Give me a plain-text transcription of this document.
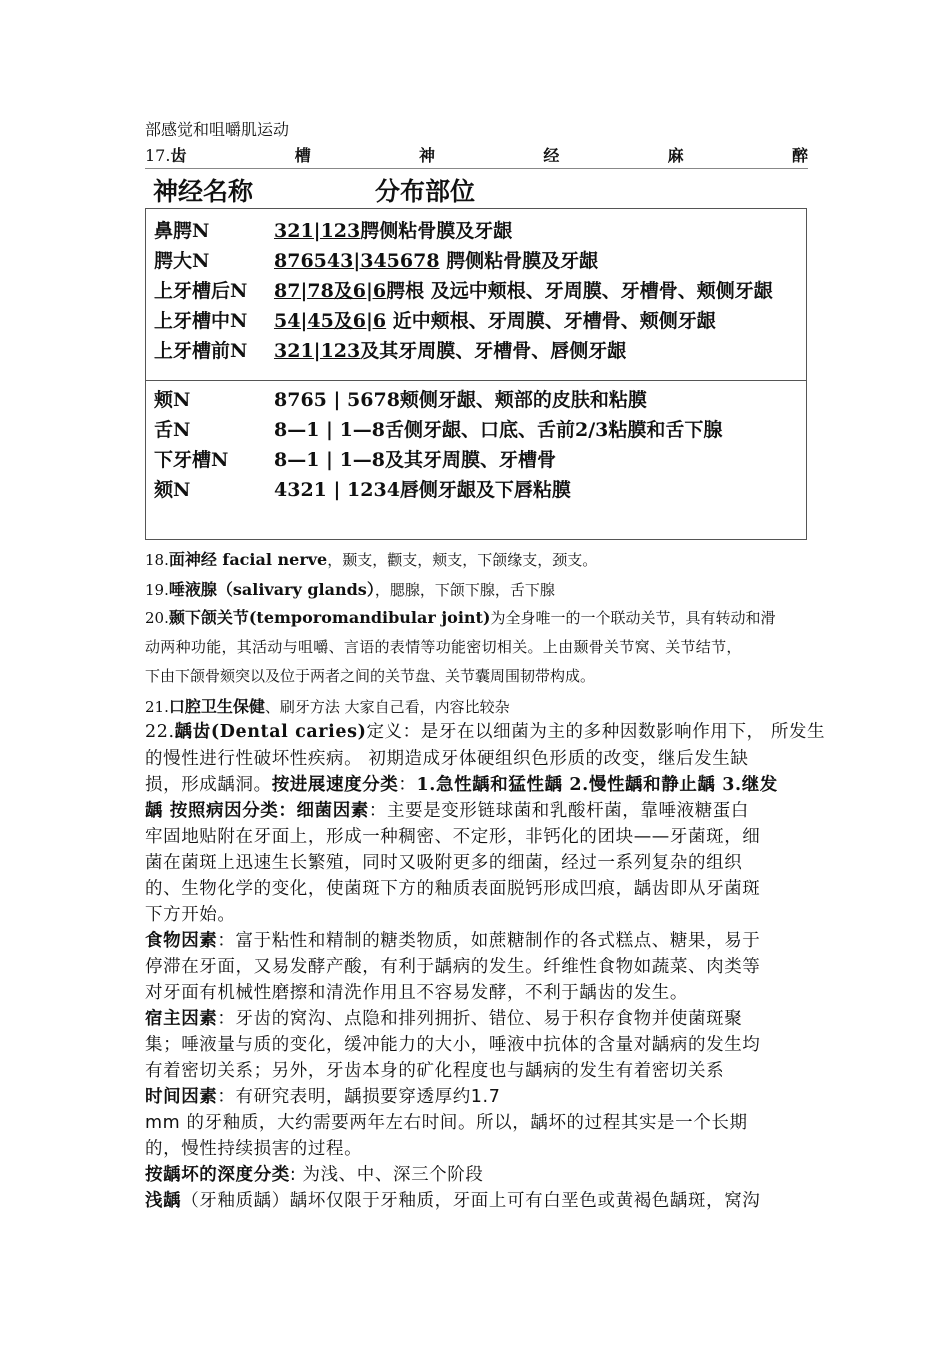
部感觉和咀嚼肌运动
17.齿	槽	神	经	麻	醉
神经名称	分布部位
鼻腭N	321|123腭侧粘骨膜及牙龈
腭大N	876543|345678 腭侧粘骨膜及牙龈
上牙槽后N 87|78及6|6腭根 及远中颊根、牙周膜、牙槽骨、颊侧牙龈
上牙槽中N 54|45及6|6 近中颊根、牙周膜、牙槽骨、颊侧牙龈
上牙槽前N 321|123及其牙周膜、牙槽骨、唇侧牙龈
颊N	8765 | 5678颊侧牙龈、颊部的皮肤和粘膜
舌N	8—1 | 1—8舌侧牙龈、口底、舌前2/3粘膜和舌下腺
下牙槽N 8—1 | 1—8及其牙周膜、牙槽骨
颏N	4321 | 1234唇侧牙龈及下唇粘膜
18.面神经 facial nerve，颞支，颧支，颊支，下颌缘支，颈支。
19.唾液腺（salivary glands），腮腺，下颌下腺，舌下腺
20.颞下颌关节(temporomandibular joint)为全身唯一的一个联动关节，具有转动和滑
动两种功能，其活动与咀嚼、言语的表情等功能密切相关。上由颞骨关节窝、关节结节，
下由下颌骨颏突以及位于两者之间的关节盘、关节囊周围韧带构成。
21.口腔卫生保健、刷牙方法 大家自己看，内容比较杂
22.龋齿(Dental caries)定义：是牙在以细菌为主的多种因数影响作用下， 所发生
的慢性进行性破坏性疾病。 初期造成牙体硬组织色形质的改变，继后发生缺
损，形成龋洞。按进展速度分类：1.急性龋和猛性龋 2.慢性龋和静止龋 3.继发
龋 按照病因分类：细菌因素：主要是变形链球菌和乳酸杆菌，靠唾液糖蛋白
牢固地贴附在牙面上，形成一种稠密、不定形，非钙化的团块——牙菌斑，细
菌在菌斑上迅速生长繁殖，同时又吸附更多的细菌，经过一系列复杂的组织
的、生物化学的变化，使菌斑下方的釉质表面脱钙形成凹痕，龋齿即从牙菌斑
下方开始。
食物因素：富于粘性和精制的糖类物质，如蔗糖制作的各式糕点、糖果，易于
停滞在牙面，又易发酵产酸，有利于龋病的发生。纤维性食物如蔬菜、肉类等
对牙面有机械性磨擦和清洗作用且不容易发酵，不利于龋齿的发生。
宿主因素：牙齿的窝沟、点隐和排列拥折、错位、易于积存食物并使菌斑聚
集；唾液量与质的变化，缓冲能力的大小，唾液中抗体的含量对龋病的发生均
有着密切关系；另外，牙齿本身的矿化程度也与龋病的发生有着密切关系
时间因素：有研究表明，龋损要穿透厚约1.7
mm 的牙釉质，大约需要两年左右时间。所以，龋坏的过程其实是一个长期
的，慢性持续损害的过程。
按龋坏的深度分类: 为浅、中、深三个阶段
浅龋（牙釉质龋）龋坏仅限于牙釉质，牙面上可有白垩色或黄褐色龋斑，窝沟
